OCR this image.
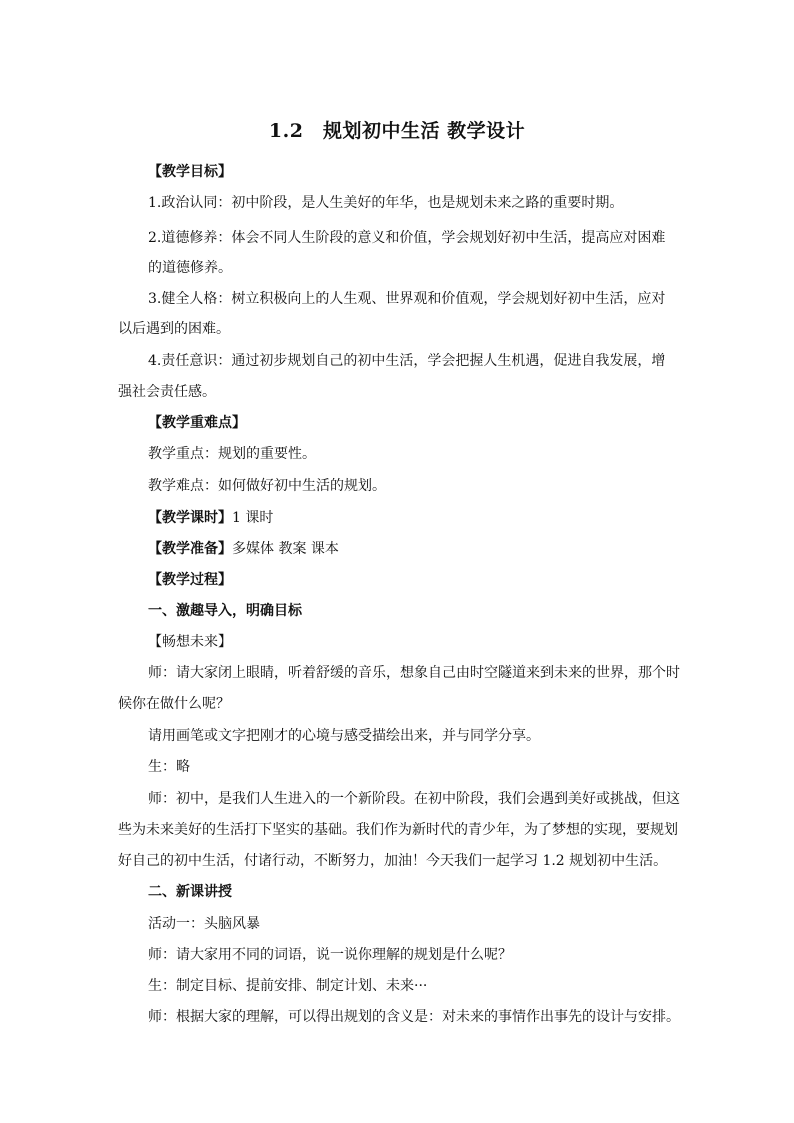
1.2　规划初中生活 教学设计
【教学目标】
1.政治认同：初中阶段，是人生美好的年华，也是规划未来之路的重要时期。
2.道德修养：体会不同人生阶段的意义和价值，学会规划好初中生活，提高应对困难
的道德修养。
3.健全人格：树立积极向上的人生观、世界观和价值观，学会规划好初中生活，应对
以后遇到的困难。
4.责任意识：通过初步规划自己的初中生活，学会把握人生机遇，促进自我发展，增
强社会责任感。
【教学重难点】
教学重点：规划的重要性。
教学难点：如何做好初中生活的规划。
【教学课时】1 课时
【教学准备】多媒体 教案 课本
【教学过程】
一、激趣导入，明确目标
【畅想未来】
师：请大家闭上眼睛，听着舒缓的音乐，想象自己由时空隧道来到未来的世界，那个时
候你在做什么呢？
请用画笔或文字把刚才的心境与感受描绘出来，并与同学分享。
生：略
师：初中，是我们人生进入的一个新阶段。在初中阶段，我们会遇到美好或挑战，但这
些为未来美好的生活打下坚实的基础。我们作为新时代的青少年，为了梦想的实现，要规划
好自己的初中生活，付诸行动，不断努力，加油！今天我们一起学习 1.2 规划初中生活。
二、新课讲授
活动一：头脑风暴
师：请大家用不同的词语，说一说你理解的规划是什么呢？
生：制定目标、提前安排、制定计划、未来···
师：根据大家的理解，可以得出规划的含义是：对未来的事情作出事先的设计与安排。
